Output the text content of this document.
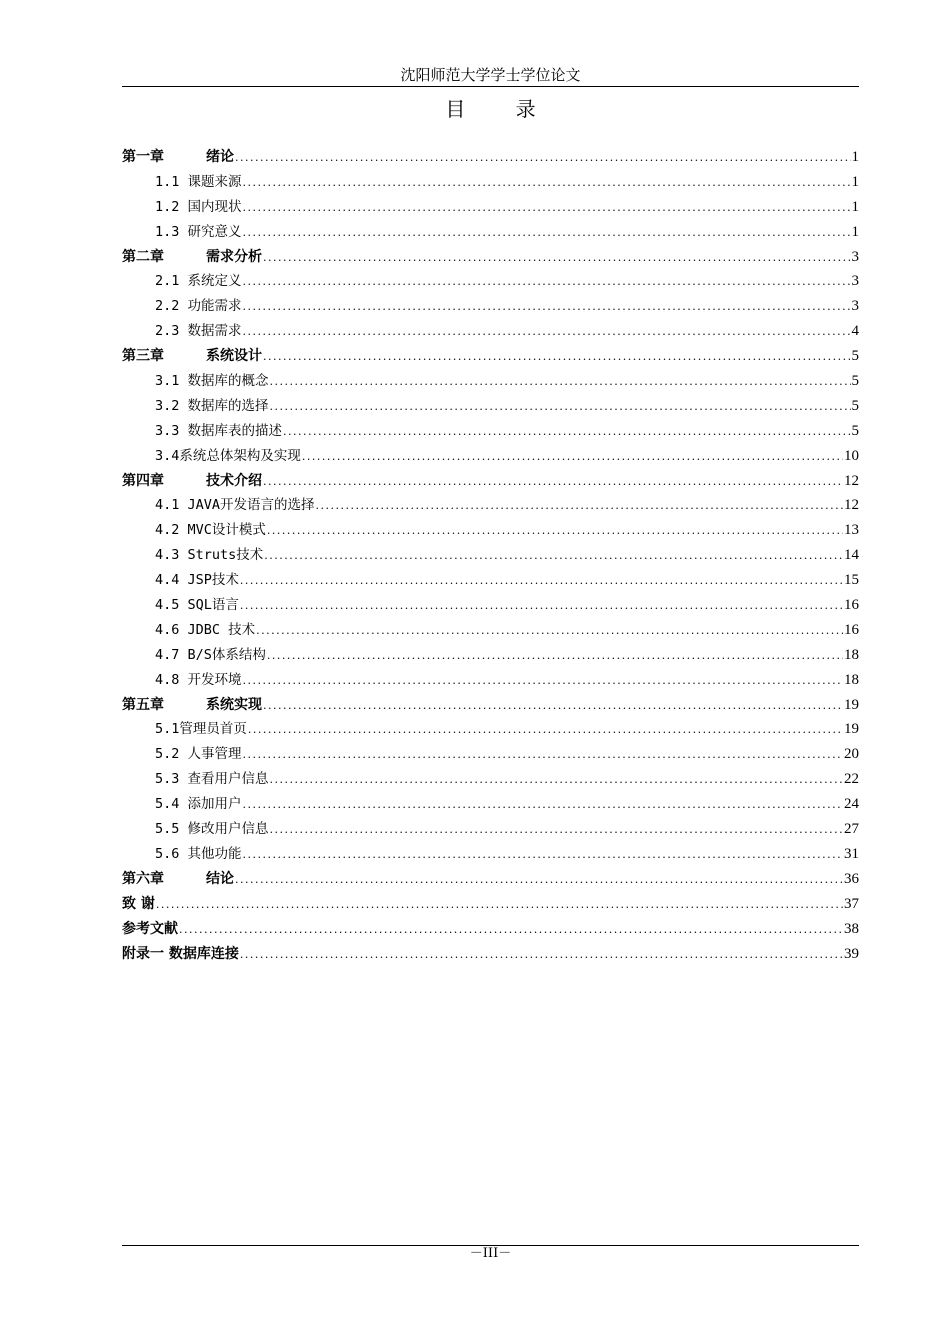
沈阳师范大学学士学位论文
目 录
第一章	绪论 .....	1
1.1 课题来源 .....	1
1.2 国内现状 .....	1
1.3 研究意义 .....	1
第二章	需求分析 .....	3
2.1 系统定义 .....	3
2.2 功能需求 .....	3
2.3 数据需求 .....	4
第三章	系统设计 .....	5
3.1 数据库的概念 .....	5
3.2 数据库的选择 .....	5
3.3 数据库表的描述 .....	5
3.4系统总体架构及实现 .....	10
第四章	技术介绍 .....	12
4.1 JAVA开发语言的选择 .....	12
4.2 MVC设计模式 .....	13
4.3 Struts技术 .....	14
4.4 JSP技术 .....	15
4.5 SQL语言 .....	16
4.6 JDBC 技术 .....	16
4.7 B/S体系结构 .....	18
4.8 开发环境 .....	18
第五章	系统实现 .....	19
5.1管理员首页 .....	19
5.2 人事管理 .....	20
5.3 查看用户信息 .....	22
5.4 添加用户 .....	24
5.5 修改用户信息 .....	27
5.6 其他功能 .....	31
第六章	结论 .....	36
致 谢 .....	37
参考文献 .....	38
附录一 数据库连接 .....	39
－III－
